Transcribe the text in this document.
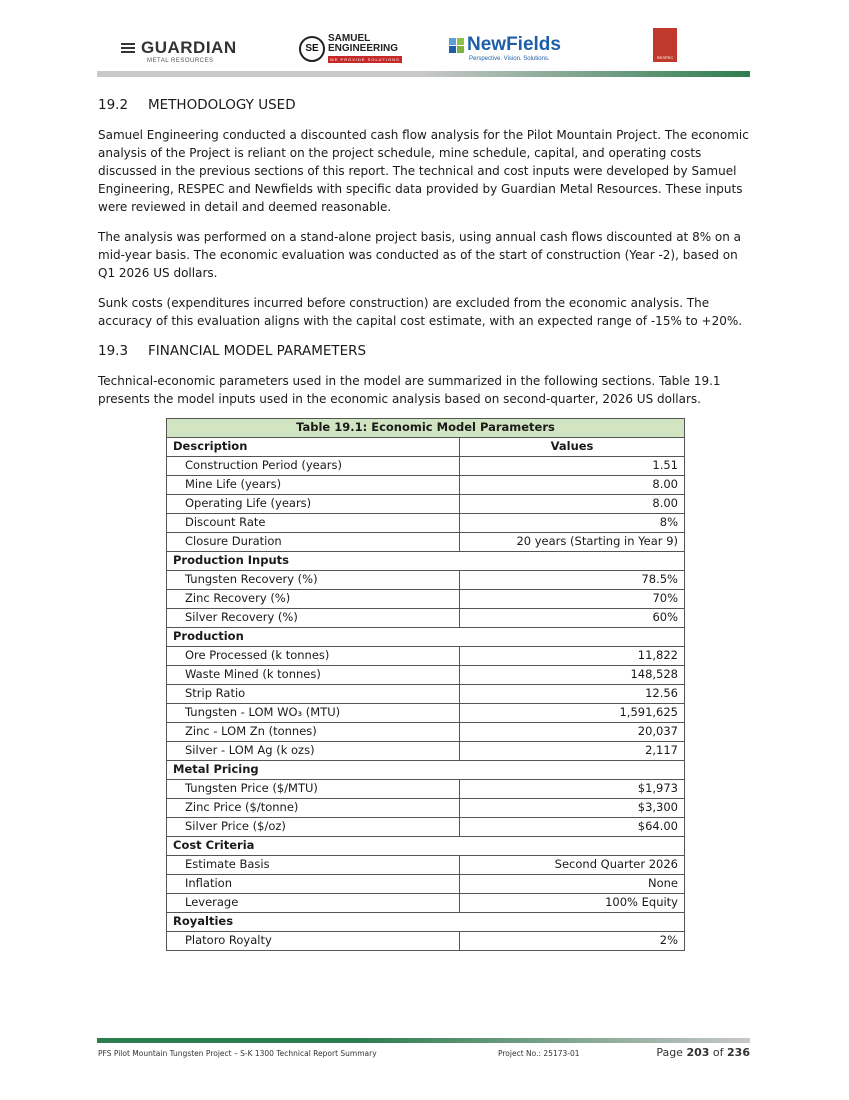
GUARDIAN
METAL RESOURCES
SE
SAMUEL
ENGINEERING
WE PROVIDE SOLUTIONS
NewFields
Perspective. Vision. Solutions.	RESPEC
19.2 METHODOLOGY USED

Samuel Engineering conducted a discounted cash flow analysis for the Pilot Mountain Project. The economic analysis of the Project is reliant on the project schedule, mine schedule, capital, and operating costs discussed in the previous sections of this report. The technical and cost inputs were developed by Samuel Engineering, RESPEC and Newfields with specific data provided by Guardian Metal Resources. These inputs were reviewed in detail and deemed reasonable.

The analysis was performed on a stand-alone project basis, using annual cash flows discounted at 8% on a mid-year basis. The economic evaluation was conducted as of the start of construction (Year -2), based on Q1 2026 US dollars.

Sunk costs (expenditures incurred before construction) are excluded from the economic analysis. The accuracy of this evaluation aligns with the capital cost estimate, with an expected range of -15% to +20%.

19.3 FINANCIAL MODEL PARAMETERS

Technical-economic parameters used in the model are summarized in the following sections. Table 19.1 presents the model inputs used in the economic analysis based on second-quarter, 2026 US dollars.

Table 19.1: Economic Model Parameters	
Description	Values
Construction Period (years)	1.51
Mine Life (years)	8.00
Operating Life (years)	8.00
Discount Rate	8%
Closure Duration	20 years (Starting in Year 9)
Production Inputs	
Tungsten Recovery (%)	78.5%
Zinc Recovery (%)	70%
Silver Recovery (%)	60%
Production	
Ore Processed (k tonnes)	11,822
Waste Mined (k tonnes)	148,528
Strip Ratio	12.56
Tungsten - LOM WO₃ (MTU)	1,591,625
Zinc - LOM Zn (tonnes)	20,037
Silver - LOM Ag (k ozs)	2,117
Metal Pricing	
Tungsten Price ($/MTU)	$1,973
Zinc Price ($/tonne)	$3,300
Silver Price ($/oz)	$64.00
Cost Criteria	
Estimate Basis	Second Quarter 2026
Inflation	None
Leverage	100% Equity
Royalties	
Platoro Royalty	2%
PFS Pilot Mountain Tungsten Project – S-K 1300 Technical Report Summary	Project No.: 25173-01	Page 203 of 236
